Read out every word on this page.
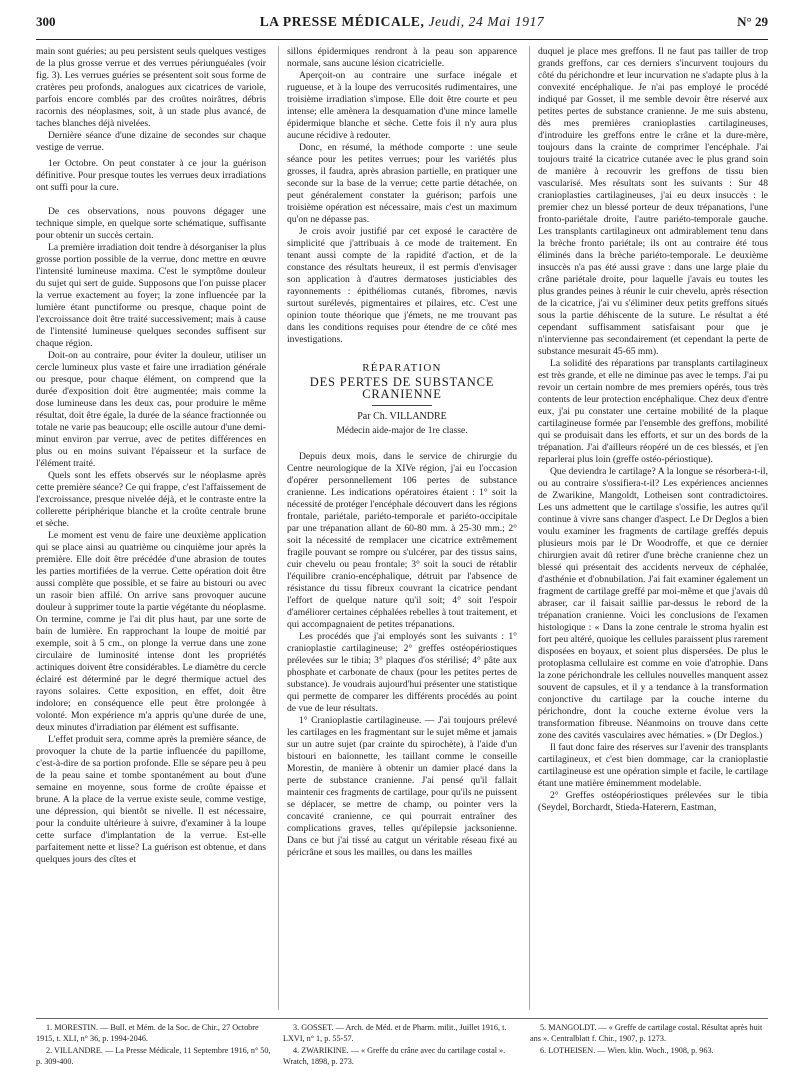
300	LA PRESSE MÉDICALE, Jeudi, 24 Mai 1917	N° 29

main sont guéries; au peu persistent seuls quelques vestiges de la plus grosse verrue et des verrues périunguéales (voir fig. 3). Les verrues guéries se présentent soit sous forme de cratères peu profonds, analogues aux cicatrices de variole, parfois encore comblés par des croûtes noirâtres, débris racornis des néoplasmes, soit, à un stade plus avancé, de taches blanches déjà nivelées.

Dernière séance d'une dizaine de secondes sur chaque vestige de verrue.

1er Octobre. On peut constater à ce jour la guérison définitive. Pour presque toutes les verrues deux irradiations ont suffi pour la cure.

De ces observations, nous pouvons dégager une technique simple, en quelque sorte schématique, suffisante pour obtenir un succès certain.

La première irradiation doit tendre à désorganiser la plus grosse portion possible de la verrue, donc mettre en œuvre l'intensité lumineuse maxima. C'est le symptôme douleur du sujet qui sert de guide. Supposons que l'on puisse placer la verrue exactement au foyer; la zone influencée par la lumière étant punctiforme ou presque, chaque point de l'excroissance doit être traité successivement; mais à cause de l'intensité lumineuse quelques secondes suffisent sur chaque région.

Doit-on au contraire, pour éviter la douleur, utiliser un cercle lumineux plus vaste et faire une irradiation générale ou presque, pour chaque élément, on comprend que la durée d'exposition doit être augmentée; mais comme la dose lumineuse dans les deux cas, pour produire le même résultat, doit être égale, la durée de la séance fractionnée ou totale ne varie pas beaucoup; elle oscille autour d'une demi-minut environ par verrue, avec de petites différences en plus ou en moins suivant l'épaisseur et la surface de l'élément traité.

Quels sont les effets observés sur le néoplasme après cette première séance? Ce qui frappe, c'est l'affaissement de l'excroissance, presque nivelée déjà, et le contraste entre la collerette périphérique blanche et la croûte centrale brune et sèche.

Le moment est venu de faire une deuxième application qui se place ainsi au quatrième ou cinquième jour après la première. Elle doit être précédée d'une abrasion de toutes les parties mortifiées de la verrue. Cette opération doit être aussi complète que possible, et se faire au bistouri ou avec un rasoir bien affilé. On arrive sans provoquer aucune douleur à supprimer toute la partie végétante du néoplasme. On termine, comme je l'ai dit plus haut, par une sorte de bain de lumière. En rapprochant la loupe de moitié par exemple, soit à 5 cm., on plonge la verrue dans une zone circulaire de luminosité intense dont les propriétés actiniques doivent être considérables. Le diamètre du cercle éclairé est déterminé par le degré thermique actuel des rayons solaires. Cette exposition, en effet, doit être indolore; en conséquence elle peut être prolongée à volonté. Mon expérience m'a appris qu'une durée de une, deux minutes d'irradiation par élément est suffisante.

L'effet produit sera, comme après la première séance, de provoquer la chute de la partie influencée du papillome, c'est-à-dire de sa portion profonde. Elle se sépare peu à peu de la peau saine et tombe spontanément au bout d'une semaine en moyenne, sous forme de croûte épaisse et brune. A la place de la verrue existe seule, comme vestige, une dépression, qui bientôt se nivelle. Il est nécessaire, pour la conduite ultérieure à suivre, d'examiner à la loupe cette surface d'implantation de la verrue. Est-elle parfaitement nette et lisse? La guérison est obtenue, et dans quelques jours des cîtes et

sillons épidermiques rendront à la peau son apparence normale, sans aucune lésion cicatricielle.

Aperçoit-on au contraire une surface inégale et rugueuse, et à la loupe des verrucosités rudimentaires, une troisième irradiation s'impose. Elle doit être courte et peu intense; elle amènera la desquamation d'une mince lamelle épidermique blanche et sèche. Cette fois il n'y aura plus aucune récidive à redouter.

Donc, en résumé, la méthode comporte : une seule séance pour les petites verrues; pour les variétés plus grosses, il faudra, après abrasion partielle, en pratiquer une seconde sur la base de la verrue; cette partie détachée, on peut généralement constater la guérison; parfois une troisième opération est nécessaire, mais c'est un maximum qu'on ne dépasse pas.

Je crois avoir justifié par cet exposé le caractère de simplicité que j'attribuais à ce mode de traitement. En tenant aussi compte de la rapidité d'action, et de la constance des résultats heureux, il est permis d'envisager son application à d'autres dermatoses justiciables des rayonnements : épithéliomas cutanés, fibromes, nævis surtout surélevés, pigmentaires et pilaires, etc. C'est une opinion toute théorique que j'émets, ne me trouvant pas dans les conditions requises pour étendre de ce côté mes investigations.

RÉPARATION
DES PERTES DE SUBSTANCE CRANIENNE
Par Ch. VILLANDRE
Médecin aide-major de 1re classe.

Depuis deux mois, dans le service de chirurgie du Centre neurologique de la XIVe région, j'ai eu l'occasion d'opérer personnellement 106 pertes de substance cranienne. Les indications opératoires étaient : 1° soit la nécessité de protéger l'encéphale découvert dans les régions frontale, pariétale, pariéto-temporale et pariéto-occipitale par une trépanation allant de 60-80 mm. à 25-30 mm.; 2° soit la nécessité de remplacer une cicatrice extrêmement fragile pouvant se rompre ou s'ulcérer, par des tissus sains, cuir chevelu ou peau frontale; 3° soit la souci de rétablir l'équilibre cranio-encéphalique, détruit par l'absence de résistance du tissu fibreux couvrant la cicatrice pendant l'effort de quelque nature qu'il soit; 4° soit l'espoir d'améliorer certaines céphalées rebelles à tout traitement, et qui accompagnaient de petites trépanations.

Les procédés que j'ai employés sont les suivants : 1° cranioplastie cartilagineuse; 2° greffes ostéopériostiques prélevées sur le tibia; 3° plaques d'os stérilisé; 4° pâte aux phosphate et carbonate de chaux (pour les petites pertes de substance). Je voudrais aujourd'hui présenter une statistique qui permette de comparer les différents procédés au point de vue de leur résultats.

1° Cranioplastie cartilagineuse. — J'ai toujours prélevé les cartilages en les fragmentant sur le sujet même et jamais sur un autre sujet (par crainte du spirochète), à l'aide d'un bistouri en baïonnette, les taillant comme le conseille Morestin, de manière à obtenir un damier placé dans la perte de substance cranienne. J'ai pensé qu'il fallait maintenir ces fragments de cartilage, pour qu'ils ne puissent se déplacer, se mettre de champ, ou pointer vers la concavité cranienne, ce qui pourrait entraîner des complications graves, telles qu'épilepsie jacksonienne. Dans ce but j'ai tissé au catgut un véritable réseau fixé au péricrâne et sous les mailles, ou dans les mailles

duquel je place mes greffons. Il ne faut pas tailler de trop grands greffons, car ces derniers s'incurvent toujours du côté du périchondre et leur incurvation ne s'adapte plus à la convexité encéphalique. Je n'ai pas employé le procédé indiqué par Gosset, il me semble devoir être réservé aux petites pertes de substance cranienne. Je me suis abstenu, dès mes premières cranioplasties cartilagineuses, d'introduire les greffons entre le crâne et la dure-mère, toujours dans la crainte de comprimer l'encéphale. J'ai toujours traité la cicatrice cutanée avec le plus grand soin de manière à recouvrir les greffons de tissu bien vascularisé. Mes résultats sont les suivants : Sur 48 cranioplasties cartilagineuses, j'ai eu deux insuccès : le premier chez un blessé porteur de deux trépanations, l'une fronto-pariétale droite, l'autre pariéto-temporale gauche. Les transplants cartilagineux ont admirablement tenu dans la brèche fronto pariétale; ils ont au contraire été tous éliminés dans la brèche pariéto-temporale. Le deuxième insuccès n'a pas été aussi grave : dans une large plaie du crâne pariétale droite, pour laquelle j'avais eu toutes les plus grandes peines à réunir le cuir chevelu, après résection de la cicatrice, j'ai vu s'éliminer deux petits greffons situés sous la partie déhiscente de la suture. Le résultat a été cependant suffisamment satisfaisant pour que je n'intervienne pas secondairement (et cependant la perte de substance mesurait 45-65 mm).

La solidité des réparations par transplants cartilagineux est très grande, et elle ne diminue pas avec le temps. J'ai pu revoir un certain nombre de mes premiers opérés, tous très contents de leur protection encéphalique. Chez deux d'entre eux, j'ai pu constater une certaine mobilité de la plaque cartilagineuse formée par l'ensemble des greffons, mobilité qui se produisait dans les efforts, et sur un des bords de la trépanation. J'ai d'ailleurs réopéré un de ces blessés, et j'en reparlerai plus loin (greffe ostéo-périostique).

Que deviendra le cartilage? A la longue se résorbera-t-il, ou au contraire s'ossifiera-t-il? Les expériences anciennes de Zwarikine, Mangoldt, Lotheisen sont contradictoires. Les uns admettent que le cartilage s'ossifie, les autres qu'il continue à vivre sans changer d'aspect. Le Dr Deglos a bien voulu examiner les fragments de cartilage greffés depuis plusieurs mois par le Dr Woodroffe, et que ce dernier chirurgien avait dû retirer d'une brèche cranienne chez un blessé qui présentait des accidents nerveux de céphalée, d'asthénie et d'obnubilation. J'ai fait examiner également un fragment de cartilage greffé par moi-même et que j'avais dû abraser, car il faisait saillie par-dessus le rebord de la trépanation cranienne. Voici les conclusions de l'examen histologique : « Dans la zone centrale le stroma hyalin est fort peu altéré, quoique les cellules paraissent plus rarement disposées en boyaux, et soient plus dispersées. De plus le protoplasma cellulaire est comme en voie d'atrophie. Dans la zone périchondrale les cellules nouvelles manquent assez souvent de capsules, et il y a tendance à la transformation conjonctive du cartilage par la couche interne du périchondre, dont la couche externe évolue vers la transformation fibreuse. Néanmoins on trouve dans cette zone des cavités vasculaires avec hématies. » (Dr Deglos.)

Il faut donc faire des réserves sur l'avenir des transplants cartilagineux, et c'est bien dommage, car la cranioplastie cartilagineuse est une opération simple et facile, le cartilage étant une matière éminemment modelable.

2° Greffes ostéopériostiques prélevées sur le tibia (Seydel, Borchardt, Stieda-Haterern, Eastman,

1. MORESTIN. — Bull. et Mém. de la Soc. de Chir., 27 Octobre 1915, t. XLI, n° 36, p. 1994-2046.
2. VILLANDRE. — La Presse Médicale, 11 Septembre 1916, n° 50, p. 309-400.
3. GOSSET. — Arch. de Méd. et de Pharm. milit., Juillet 1916, t. LXVI, n° 1, p. 55-57.
4. ZWARIKINE. — « Greffe du crâne avec du cartilage costal ». Wratch, 1898, p. 273.
5. MANGOLDT. — « Greffe de cartilage costal. Résultat après huit ans ». Centralblatt f. Chir., 1907, p. 1273.
6. LOTHEISEN. — Wien. klin. Woch., 1908, p. 963.
